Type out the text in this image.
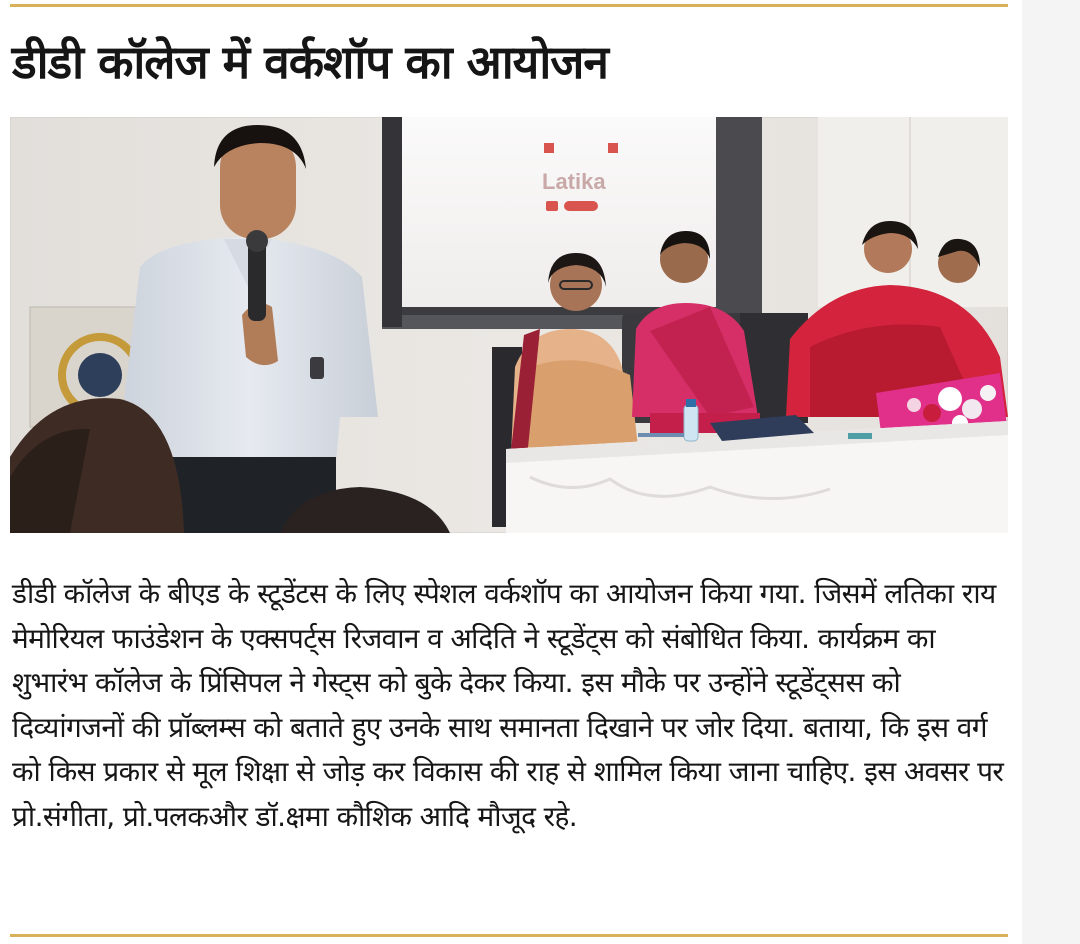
डीडी कॉलेज में वर्कशॉप का आयोजन
Latika

डीडी कॉलेज के बीएड के स्टूडेंटस के लिए स्पेशल वर्कशॉप का आयोजन किया गया. जिसमें लतिका राय मेमोरियल फाउंडेशन के एक्सपर्ट्स रिजवान व अदिति ने स्टूडेंट्स को संबोधित किया. कार्यक्रम का शुभारंभ कॉलेज के प्रिंसिपल ने गेस्ट्स को बुके देकर किया. इस मौके पर उन्होंने स्टूडेंट्सस को दिव्यांगजनों की प्रॉब्लम्स को बताते हुए उनके साथ समानता दिखाने पर जोर दिया. बताया, कि इस वर्ग को किस प्रकार से मूल शिक्षा से जोड़ कर विकास की राह से शामिल किया जाना चाहिए. इस अवसर पर प्रो.संगीता, प्रो.पलकऔर डॉ.क्षमा कौशिक आदि मौजूद रहे.
